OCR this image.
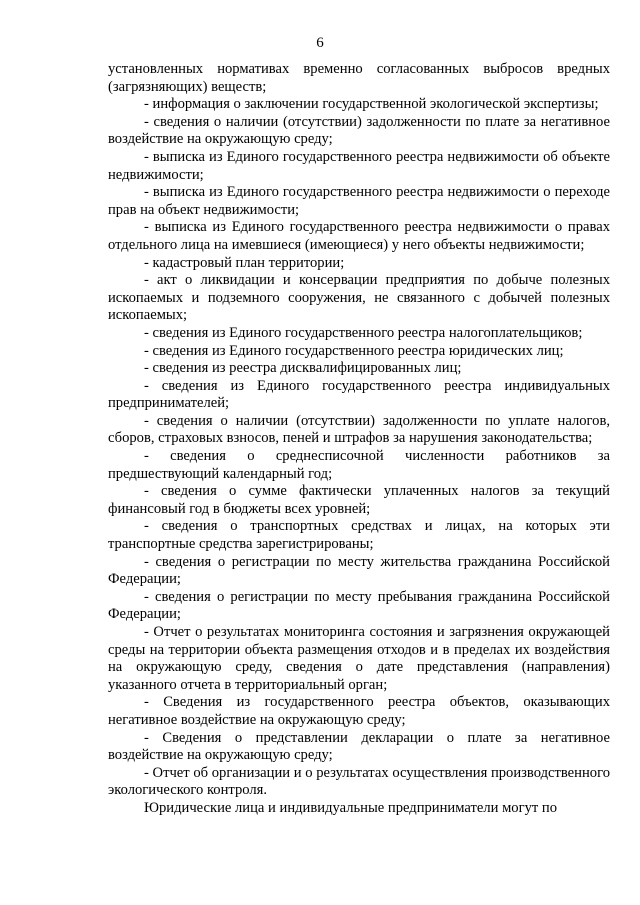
6

установленных нормативах временно согласованных выбросов вредных (загрязняющих) веществ;

- информация о заключении государственной экологической экспертизы;

- сведения о наличии (отсутствии) задолженности по плате за негативное воздействие на окружающую среду;

- выписка из Единого государственного реестра недвижимости об объекте недвижимости;

- выписка из Единого государственного реестра недвижимости о переходе прав на объект недвижимости;

- выписка из Единого государственного реестра недвижимости о правах отдельного лица на имевшиеся (имеющиеся) у него объекты недвижимости;

- кадастровый план территории;

- акт о ликвидации и консервации предприятия по добыче полезных ископаемых и подземного сооружения, не связанного с добычей полезных ископаемых;

- сведения из Единого государственного реестра налогоплательщиков;

- сведения из Единого государственного реестра юридических лиц;

- сведения из реестра дисквалифицированных лиц;

- сведения из Единого государственного реестра индивидуальных предпринимателей;

- сведения о наличии (отсутствии) задолженности по уплате налогов, сборов, страховых взносов, пеней и штрафов за нарушения законодательства;

- сведения о среднесписочной численности работников за предшествующий календарный год;

- сведения о сумме фактически уплаченных налогов за текущий финансовый год в бюджеты всех уровней;

- сведения о транспортных средствах и лицах, на которых эти транспортные средства зарегистрированы;

- сведения о регистрации по месту жительства гражданина Российской Федерации;

- сведения о регистрации по месту пребывания гражданина Российской Федерации;

- Отчет о результатах мониторинга состояния и загрязнения окружающей среды на территории объекта размещения отходов и в пределах их воздействия на окружающую среду, сведения о дате представления (направления) указанного отчета в территориальный орган;

- Сведения из государственного реестра объектов, оказывающих негативное воздействие на окружающую среду;

- Сведения о представлении декларации о плате за негативное воздействие на окружающую среду;

- Отчет об организации и о результатах осуществления производственного экологического контроля.

Юридические лица и индивидуальные предприниматели могут по
